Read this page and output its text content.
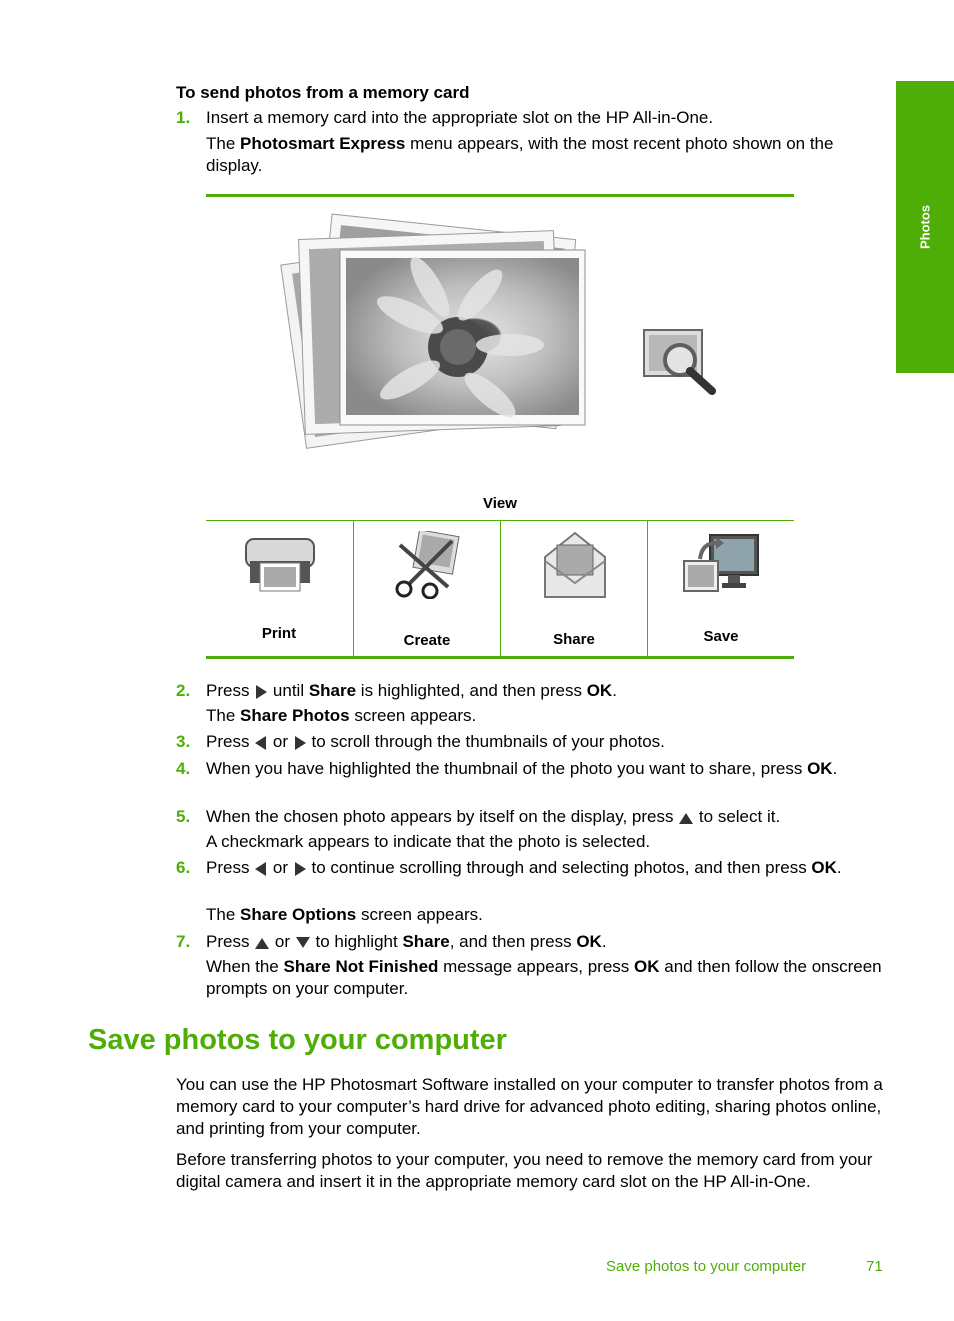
Photos
To send photos from a memory card
1. Insert a memory card into the appropriate slot on the HP All-in-One.
The Photosmart Express menu appears, with the most recent photo shown on the display.
View
Print	Create	Share	Save
2. Press  until Share is highlighted, and then press OK.
The Share Photos screen appears.
3. Press  or  to scroll through the thumbnails of your photos.
4. When you have highlighted the thumbnail of the photo you want to share, press OK.
5. When the chosen photo appears by itself on the display, press  to select it.
A checkmark appears to indicate that the photo is selected.
6. Press  or  to continue scrolling through and selecting photos, and then press OK.
The Share Options screen appears.
7. Press  or  to highlight Share, and then press OK.
When the Share Not Finished message appears, press OK and then follow the onscreen prompts on your computer.
Save photos to your computer
You can use the HP Photosmart Software installed on your computer to transfer photos from a memory card to your computer’s hard drive for advanced photo editing, sharing photos online, and printing from your computer.
Before transferring photos to your computer, you need to remove the memory card from your digital camera and insert it in the appropriate memory card slot on the HP All-in-One.
Save photos to your computer	71
